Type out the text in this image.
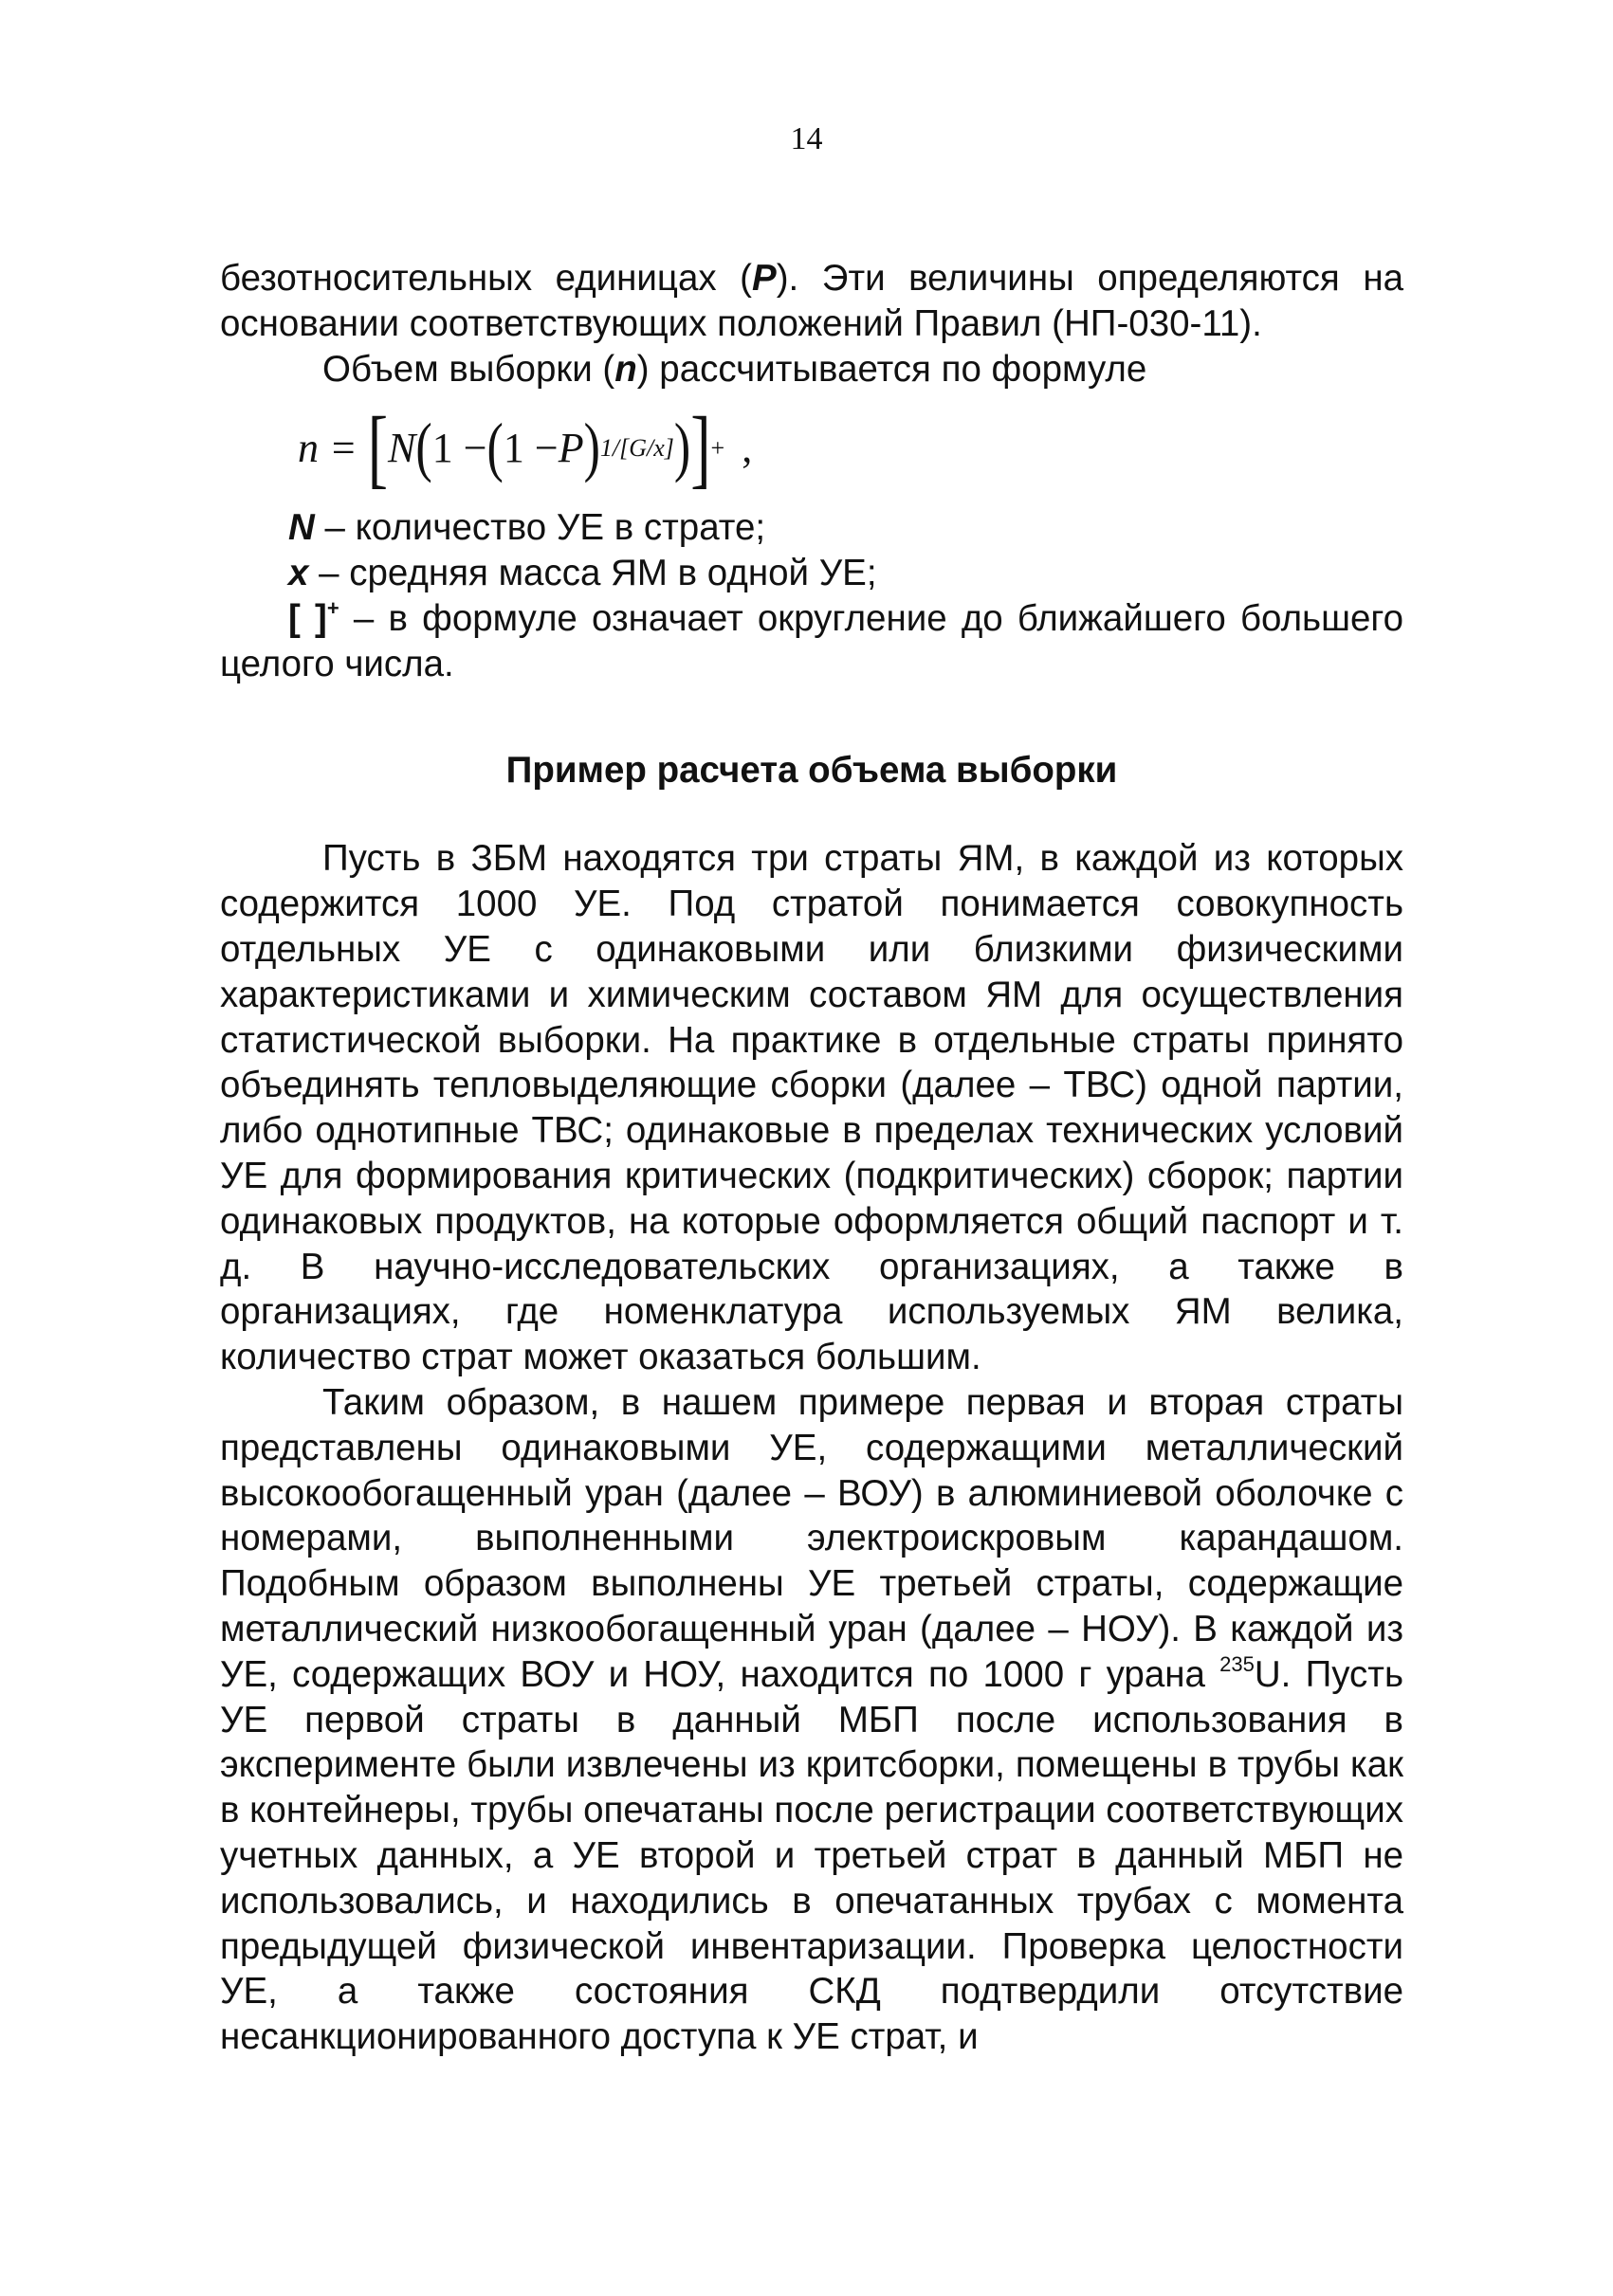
14

безотносительных единицах (P). Эти величины определяются на основании соответствующих положений Правил (НП-030-11).

Объем выборки (n) рассчитывается по формуле

n =
[ N ( 1 − ( 1 − P ) 1/[G/x] ) ] + ,

N – количество УЕ в страте;

x – средняя масса ЯМ в одной УЕ;

[ ]+ – в формуле означает округление до ближайшего большего целого числа.

Пример расчета объема выборки

Пусть в ЗБМ находятся три страты ЯМ, в каждой из которых содержится 1000 УЕ. Под стратой понимается совокупность отдельных УЕ с одинаковыми или близкими физическими характеристиками и химическим составом ЯМ для осуществления статистической выборки. На практике в отдельные страты принято объединять тепловыделяющие сборки (далее – ТВС) одной партии, либо однотипные ТВС; одинаковые в пределах технических условий УЕ для формирования критических (подкритических) сборок; партии одинаковых продуктов, на которые оформляется общий паспорт и т. д. В научно-исследовательских организациях, а также в организациях, где номенклатура используемых ЯМ велика, количество страт может оказаться большим.

Таким образом, в нашем примере первая и вторая страты представлены одинаковыми УЕ, содержащими металлический высокообогащенный уран (далее – ВОУ) в алюминиевой оболочке с номерами, выполненными электроискровым карандашом. Подобным образом выполнены УЕ третьей страты, содержащие металлический низкообогащенный уран (далее – НОУ). В каждой из УЕ, содержащих ВОУ и НОУ, находится по 1000 г урана $^{235}$U. Пусть УЕ первой страты в данный МБП после использования в эксперименте были извлечены из критсборки, помещены в трубы как в контейнеры, трубы опечатаны после регистрации соответствующих учетных данных, а УЕ второй и третьей страт в данный МБП не использовались, и находились в опечатанных трубах с момента предыдущей физической инвентаризации. Проверка целостности УЕ, а также состояния СКД подтвердили отсутствие несанкционированного доступа к УЕ страт, и
